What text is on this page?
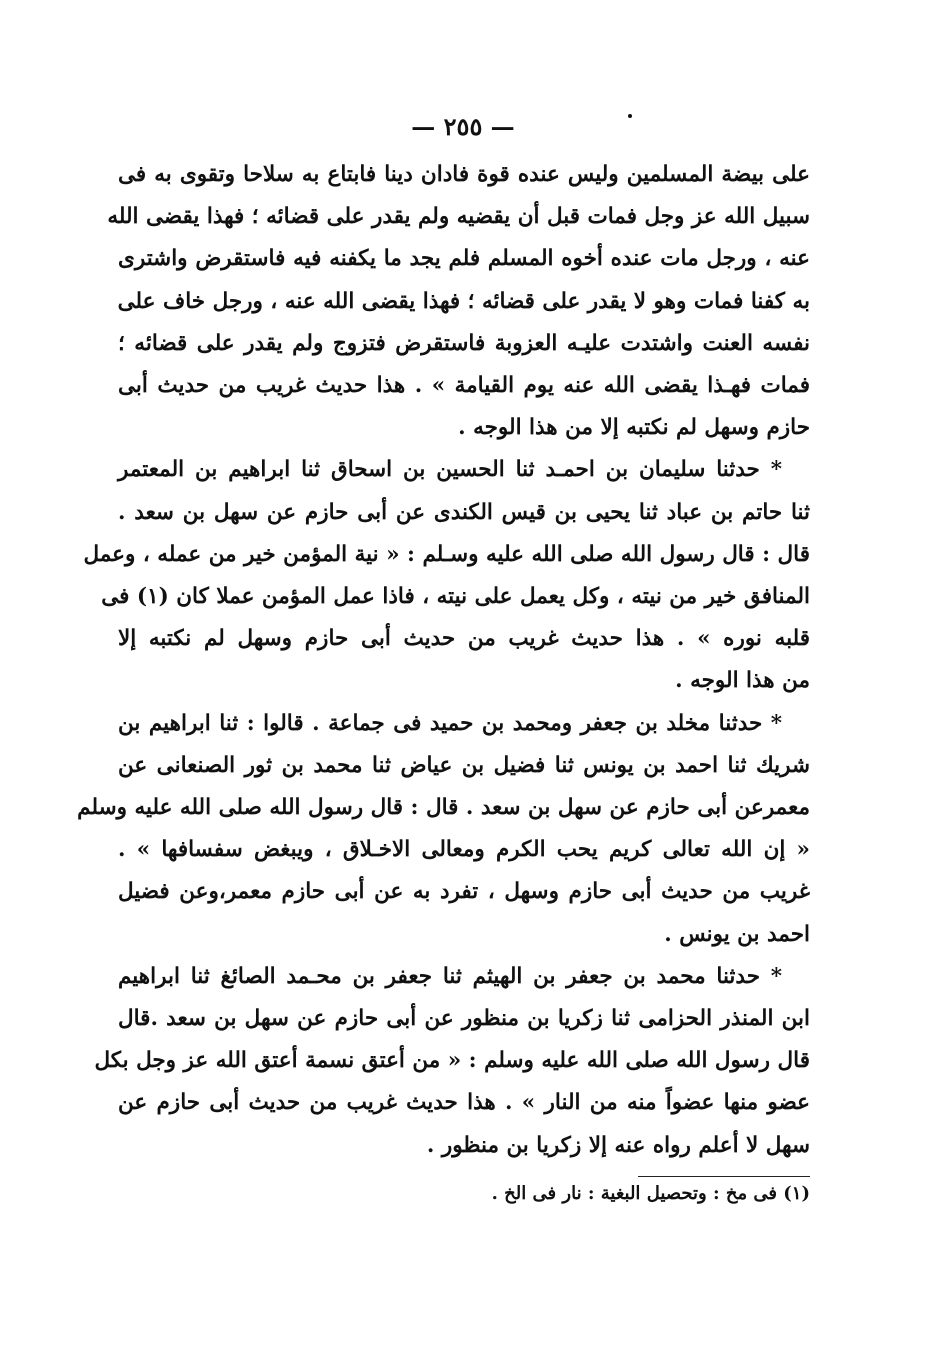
— ٢٥٥ —
على بيضة المسلمين وليس عنده قوة فادان دينا فابتاع به سلاحا وتقوى به فى
سبيل الله عز وجل فمات قبل أن يقضيه ولم يقدر على قضائه ؛ فهذا يقضى الله
عنه ، ورجل مات عنده أخوه المسلم فلم يجد ما يكفنه فيه فاستقرض واشترى
به كفنا فمات وهو لا يقدر على قضائه ؛ فهذا يقضى الله عنه ، ورجل خاف على
نفسه العنت واشتدت عليـه العزوبة فاستقرض فتزوج ولم يقدر على قضائه ؛
فمات فهـذا يقضى الله عنه يوم القيامة » . هذا حديث غريب من حديث أبى
حازم وسهل لم نكتبه إلا من هذا الوجه .
* حدثنا سليمان بن احمـد ثنا الحسين بن اسحاق ثنا ابراهيم بن المعتمر
ثنا حاتم بن عباد ثنا يحيى بن قيس الكندى عن أبى حازم عن سهل بن سعد .
قال : قال رسول الله صلى الله عليه وسـلم : « نية المؤمن خير من عمله ، وعمل
المنافق خير من نيته ، وكل يعمل على نيته ، فاذا عمل المؤمن عملا كان (١) فى
قلبه نوره » . هذا حديث غريب من حديث أبى حازم وسهل لم نكتبه إلا
من هذا الوجه .
* حدثنا مخلد بن جعفر ومحمد بن حميد فى جماعة . قالوا : ثنا ابراهيم بن
شريك ثنا احمد بن يونس ثنا فضيل بن عياض ثنا محمد بن ثور الصنعانى عن
معمرعن أبى حازم عن سهل بن سعد . قال : قال رسول الله صلى الله عليه وسلم
« إن الله تعالى كريم يحب الكرم ومعالى الاخـلاق ، ويبغض سفسافها » .
غريب من حديث أبى حازم وسهل ، تفرد به عن أبى حازم معمر،وعن فضيل
احمد بن يونس .
* حدثنا محمد بن جعفر بن الهيثم ثنا جعفر بن محـمد الصائغ ثنا ابراهيم
ابن المنذر الحزامى ثنا زكريا بن منظور عن أبى حازم عن سهل بن سعد .قال
قال رسول الله صلى الله عليه وسلم : « من أعتق نسمة أعتق الله عز وجل بكل
عضو منها عضواً منه من النار » . هذا حديث غريب من حديث أبى حازم عن
سهل لا أعلم رواه عنه إلا زكريا بن منظور .
(١) فى مخ : وتحصيل البغية : نار فى الخ .
